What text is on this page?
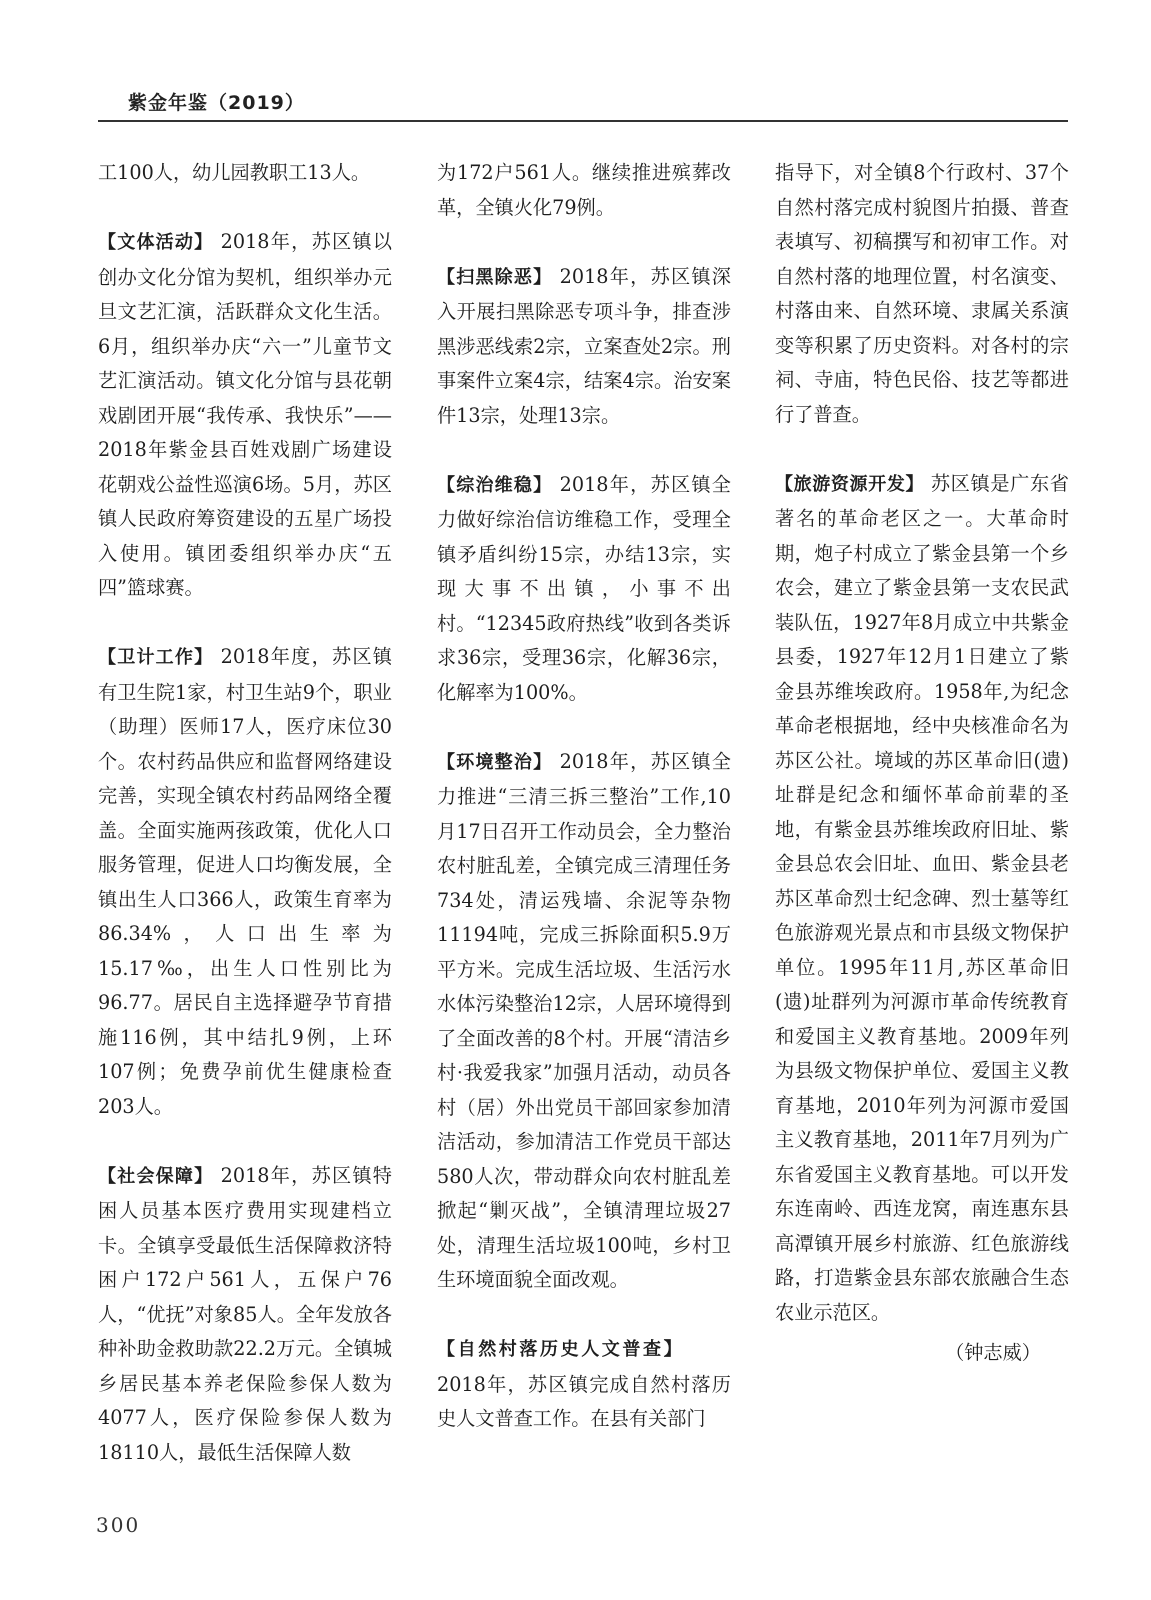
紫金年鉴（2019）

工100人，幼儿园教职工13人。

【文体活动】 2018年，苏区镇以创办文化分馆为契机，组织举办元旦文艺汇演，活跃群众文化生活。6月，组织举办庆“六一”儿童节文艺汇演活动。镇文化分馆与县花朝戏剧团开展“我传承、我快乐”——2018年紫金县百姓戏剧广场建设花朝戏公益性巡演6场。5月，苏区镇人民政府筹资建设的五星广场投入使用。镇团委组织举办庆“五四”篮球赛。

【卫计工作】 2018年度，苏区镇有卫生院1家，村卫生站9个，职业（助理）医师17人，医疗床位30个。农村药品供应和监督网络建设完善，实现全镇农村药品网络全覆盖。全面实施两孩政策，优化人口服务管理，促进人口均衡发展，全镇出生人口366人，政策生育率为86.34%，人口出生率为15.17‰，出生人口性别比为96.77。居民自主选择避孕节育措施116例，其中结扎9例，上环107例；免费孕前优生健康检查203人。

【社会保障】 2018年，苏区镇特困人员基本医疗费用实现建档立卡。全镇享受最低生活保障救济特困户172户561人，五保户76人，“优抚”对象85人。全年发放各种补助金救助款22.2万元。全镇城乡居民基本养老保险参保人数为4077人，医疗保险参保人数为18110人，最低生活保障人数

为172户561人。继续推进殡葬改革，全镇火化79例。

【扫黑除恶】 2018年，苏区镇深入开展扫黑除恶专项斗争，排查涉黑涉恶线索2宗，立案查处2宗。刑事案件立案4宗，结案4宗。治安案件13宗，处理13宗。

【综治维稳】 2018年，苏区镇全力做好综治信访维稳工作，受理全镇矛盾纠纷15宗，办结13宗，实现大事不出镇，小事不出村。“12345政府热线”收到各类诉求36宗，受理36宗，化解36宗，化解率为100%。

【环境整治】 2018年，苏区镇全力推进“三清三拆三整治”工作,10月17日召开工作动员会，全力整治农村脏乱差，全镇完成三清理任务734处，清运残墙、余泥等杂物11194吨，完成三拆除面积5.9万平方米。完成生活垃圾、生活污水水体污染整治12宗，人居环境得到了全面改善的8个村。开展“清洁乡村·我爱我家”加强月活动，动员各村（居）外出党员干部回家参加清洁活动，参加清洁工作党员干部达580人次，带动群众向农村脏乱差掀起“剿灭战”，全镇清理垃圾27处，清理生活垃圾100吨，乡村卫生环境面貌全面改观。

【自然村落历史人文普查】
2018年，苏区镇完成自然村落历史人文普查工作。在县有关部门

指导下，对全镇8个行政村、37个自然村落完成村貌图片拍摄、普查表填写、初稿撰写和初审工作。对自然村落的地理位置，村名演变、村落由来、自然环境、隶属关系演变等积累了历史资料。对各村的宗祠、寺庙，特色民俗、技艺等都进行了普查。

【旅游资源开发】 苏区镇是广东省著名的革命老区之一。大革命时期，炮子村成立了紫金县第一个乡农会，建立了紫金县第一支农民武装队伍，1927年8月成立中共紫金县委，1927年12月1日建立了紫金县苏维埃政府。1958年,为纪念革命老根据地，经中央核准命名为苏区公社。境域的苏区革命旧(遗)址群是纪念和缅怀革命前辈的圣地，有紫金县苏维埃政府旧址、紫金县总农会旧址、血田、紫金县老苏区革命烈士纪念碑、烈士墓等红色旅游观光景点和市县级文物保护单位。1995年11月,苏区革命旧(遗)址群列为河源市革命传统教育和爱国主义教育基地。2009年列为县级文物保护单位、爱国主义教育基地，2010年列为河源市爱国主义教育基地，2011年7月列为广东省爱国主义教育基地。可以开发东连南岭、西连龙窝，南连惠东县高潭镇开展乡村旅游、红色旅游线路，打造紫金县东部农旅融合生态农业示范区。

（钟志威）

300
